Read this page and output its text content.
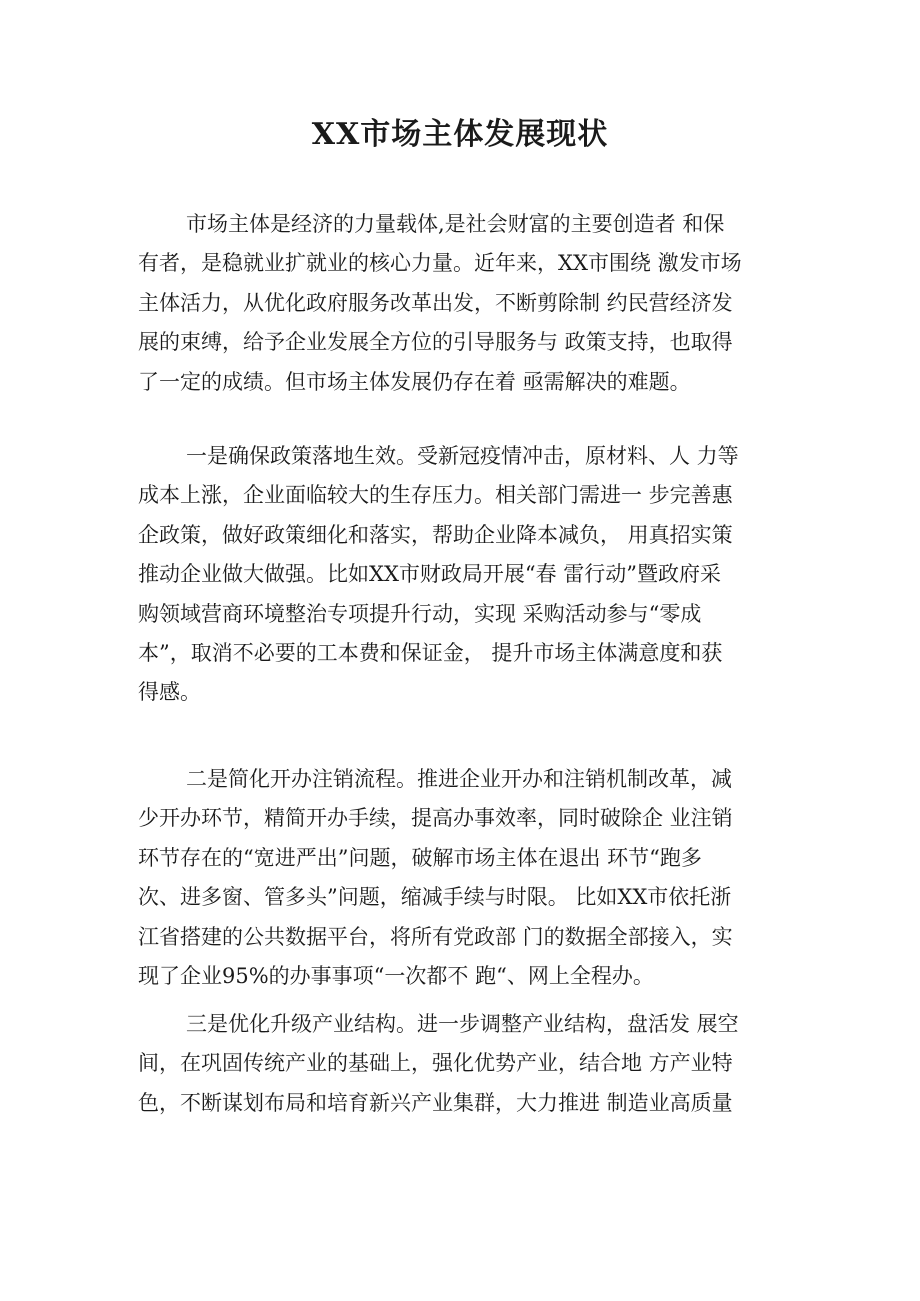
XX市场主体发展现状
市场主体是经济的力量载体,是社会财富的主要创造者 和保
有者，是稳就业扩就业的核心力量。近年来，XX市围绕 激发市场
主体活力，从优化政府服务改革出发，不断剪除制 约民营经济发
展的束缚，给予企业发展全方位的引导服务与 政策支持，也取得
了一定的成绩。但市场主体发展仍存在着 亟需解决的难题。
一是确保政策落地生效。受新冠疫情冲击，原材料、人 力等
成本上涨，企业面临较大的生存压力。相关部门需进一 步完善惠
企政策，做好政策细化和落实，帮助企业降本减负， 用真招实策
推动企业做大做强。比如XX市财政局开展“春 雷行动”暨政府采
购领域营商环境整治专项提升行动，实现 采购活动参与“零成
本”，取消不必要的工本费和保证金， 提升市场主体满意度和获
得感。
二是简化开办注销流程。推进企业开办和注销机制改革，减
少开办环节，精简开办手续，提高办事效率，同时破除企 业注销
环节存在的“宽进严出”问题，破解市场主体在退出 环节“跑多
次、进多窗、管多头”问题，缩减手续与时限。 比如XX市依托浙
江省搭建的公共数据平台，将所有党政部 门的数据全部接入，实
现了企业95%的办事事项“一次都不 跑“、网上全程办。
三是优化升级产业结构。进一步调整产业结构，盘活发 展空
间，在巩固传统产业的基础上，强化优势产业，结合地 方产业特
色，不断谋划布局和培育新兴产业集群，大力推进 制造业高质量
